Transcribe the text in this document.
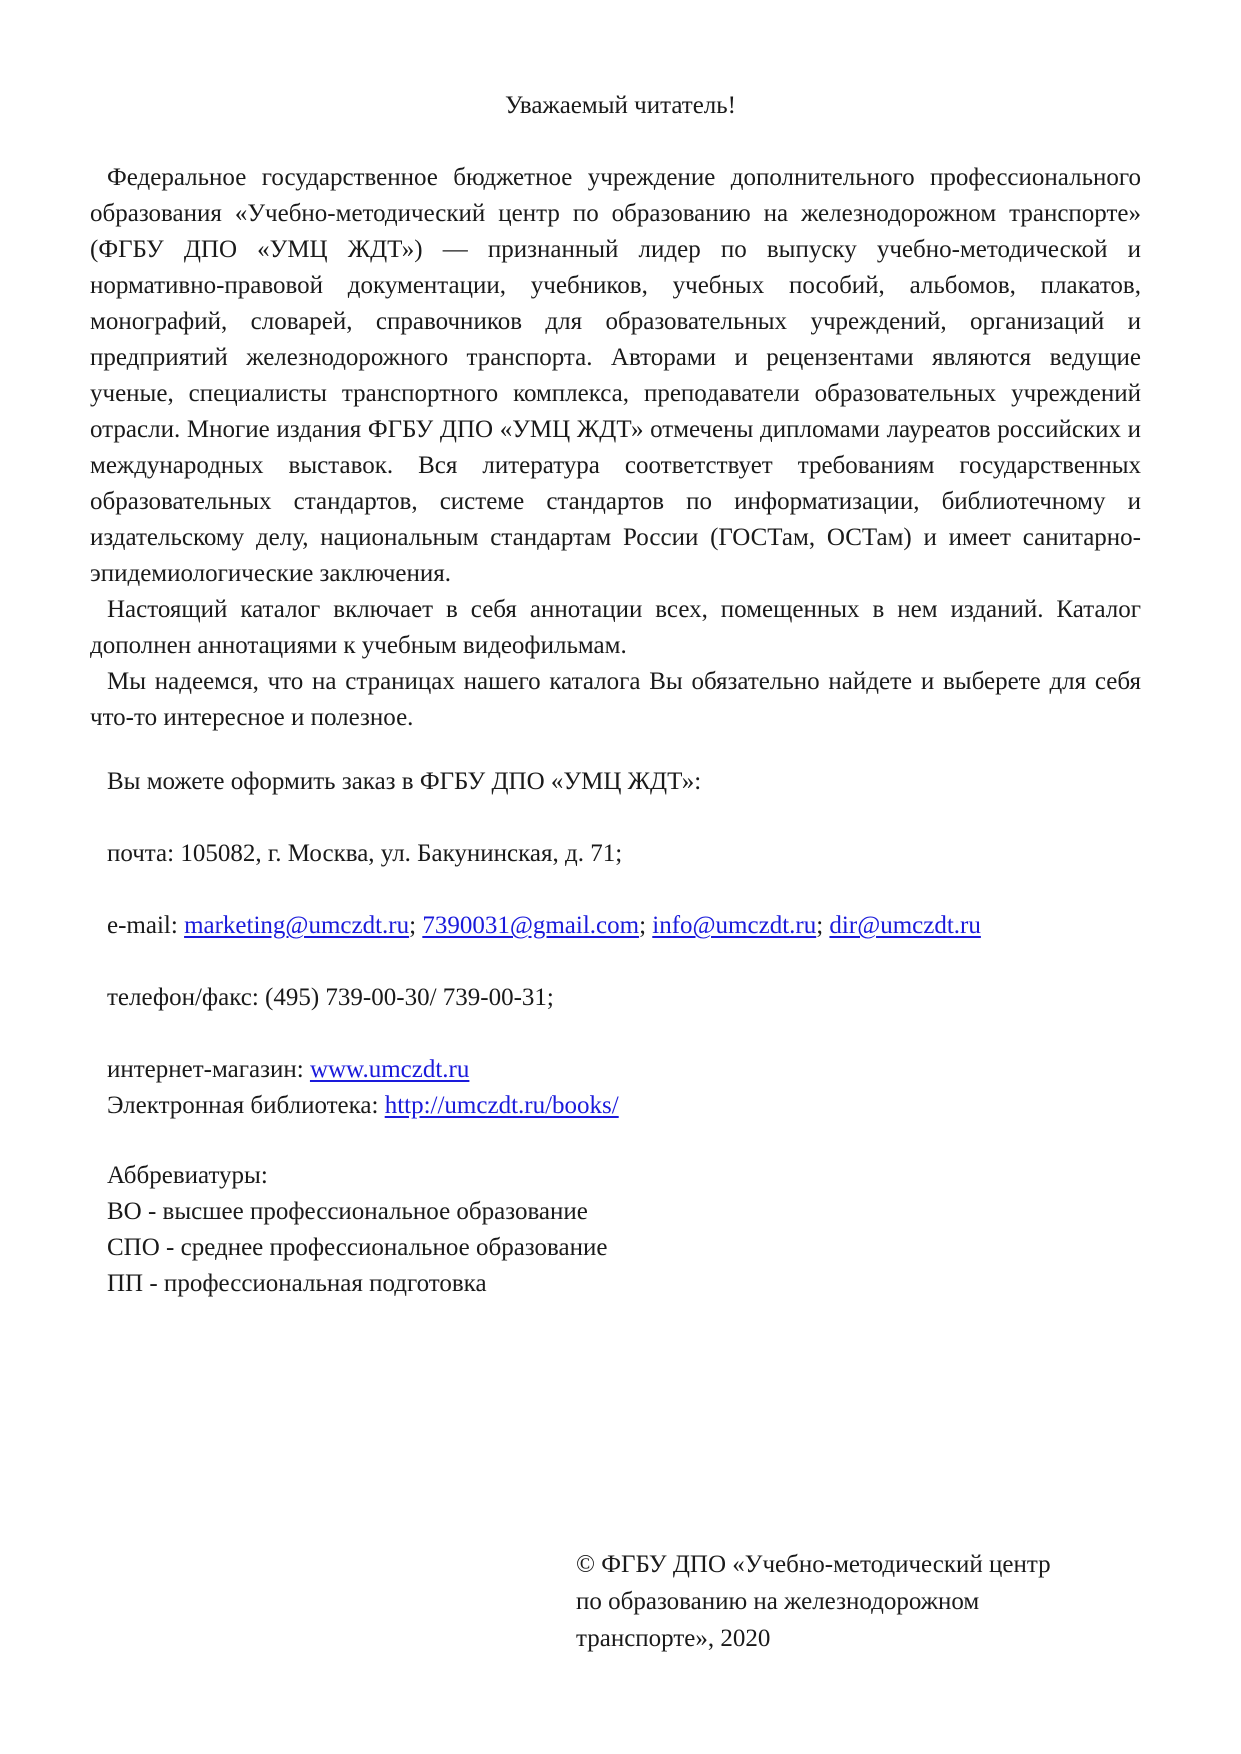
Уважаемый читатель!

Федеральное государственное бюджетное учреждение дополнительного профессионального образования «Учебно-методический центр по образованию на железнодорожном транспорте» (ФГБУ ДПО «УМЦ ЖДТ») — признанный лидер по выпуску учебно-методической и нормативно-правовой документации, учебников, учебных пособий, альбомов, плакатов, монографий, словарей, справочников для образовательных учреждений, организаций и предприятий железнодорожного транспорта. Авторами и рецензентами являются ведущие ученые, специалисты транспортного комплекса, преподаватели образовательных учреждений отрасли. Многие издания ФГБУ ДПО «УМЦ ЖДТ» отмечены дипломами лауреатов российских и международных выставок. Вся литература соответствует требованиям государственных образовательных стандартов, системе стандартов по информатизации, библиотечному и издательскому делу, национальным стандартам России (ГОСТам, ОСТам) и имеет санитарно-эпидемиологические заключения.

Настоящий каталог включает в себя аннотации всех, помещенных в нем изданий. Каталог дополнен аннотациями к учебным видеофильмам.

Мы надеемся, что на страницах нашего каталога Вы обязательно найдете и выберете для себя что-то интересное и полезное.

Вы можете оформить заказ в ФГБУ ДПО «УМЦ ЖДТ»:

почта: 105082, г. Москва, ул. Бакунинская, д. 71;

e-mail: marketing@umczdt.ru; 7390031@gmail.com; info@umczdt.ru; dir@umczdt.ru

телефон/факс: (495) 739-00-30/ 739-00-31;

интернет-магазин: www.umczdt.ru

Электронная библиотека: http://umczdt.ru/books/

Аббревиатуры:

ВО - высшее профессиональное образование

СПО - среднее профессиональное образование

ПП - профессиональная подготовка

© ФГБУ ДПО «Учебно-методический центр

по образованию на железнодорожном

транспорте», 2020
